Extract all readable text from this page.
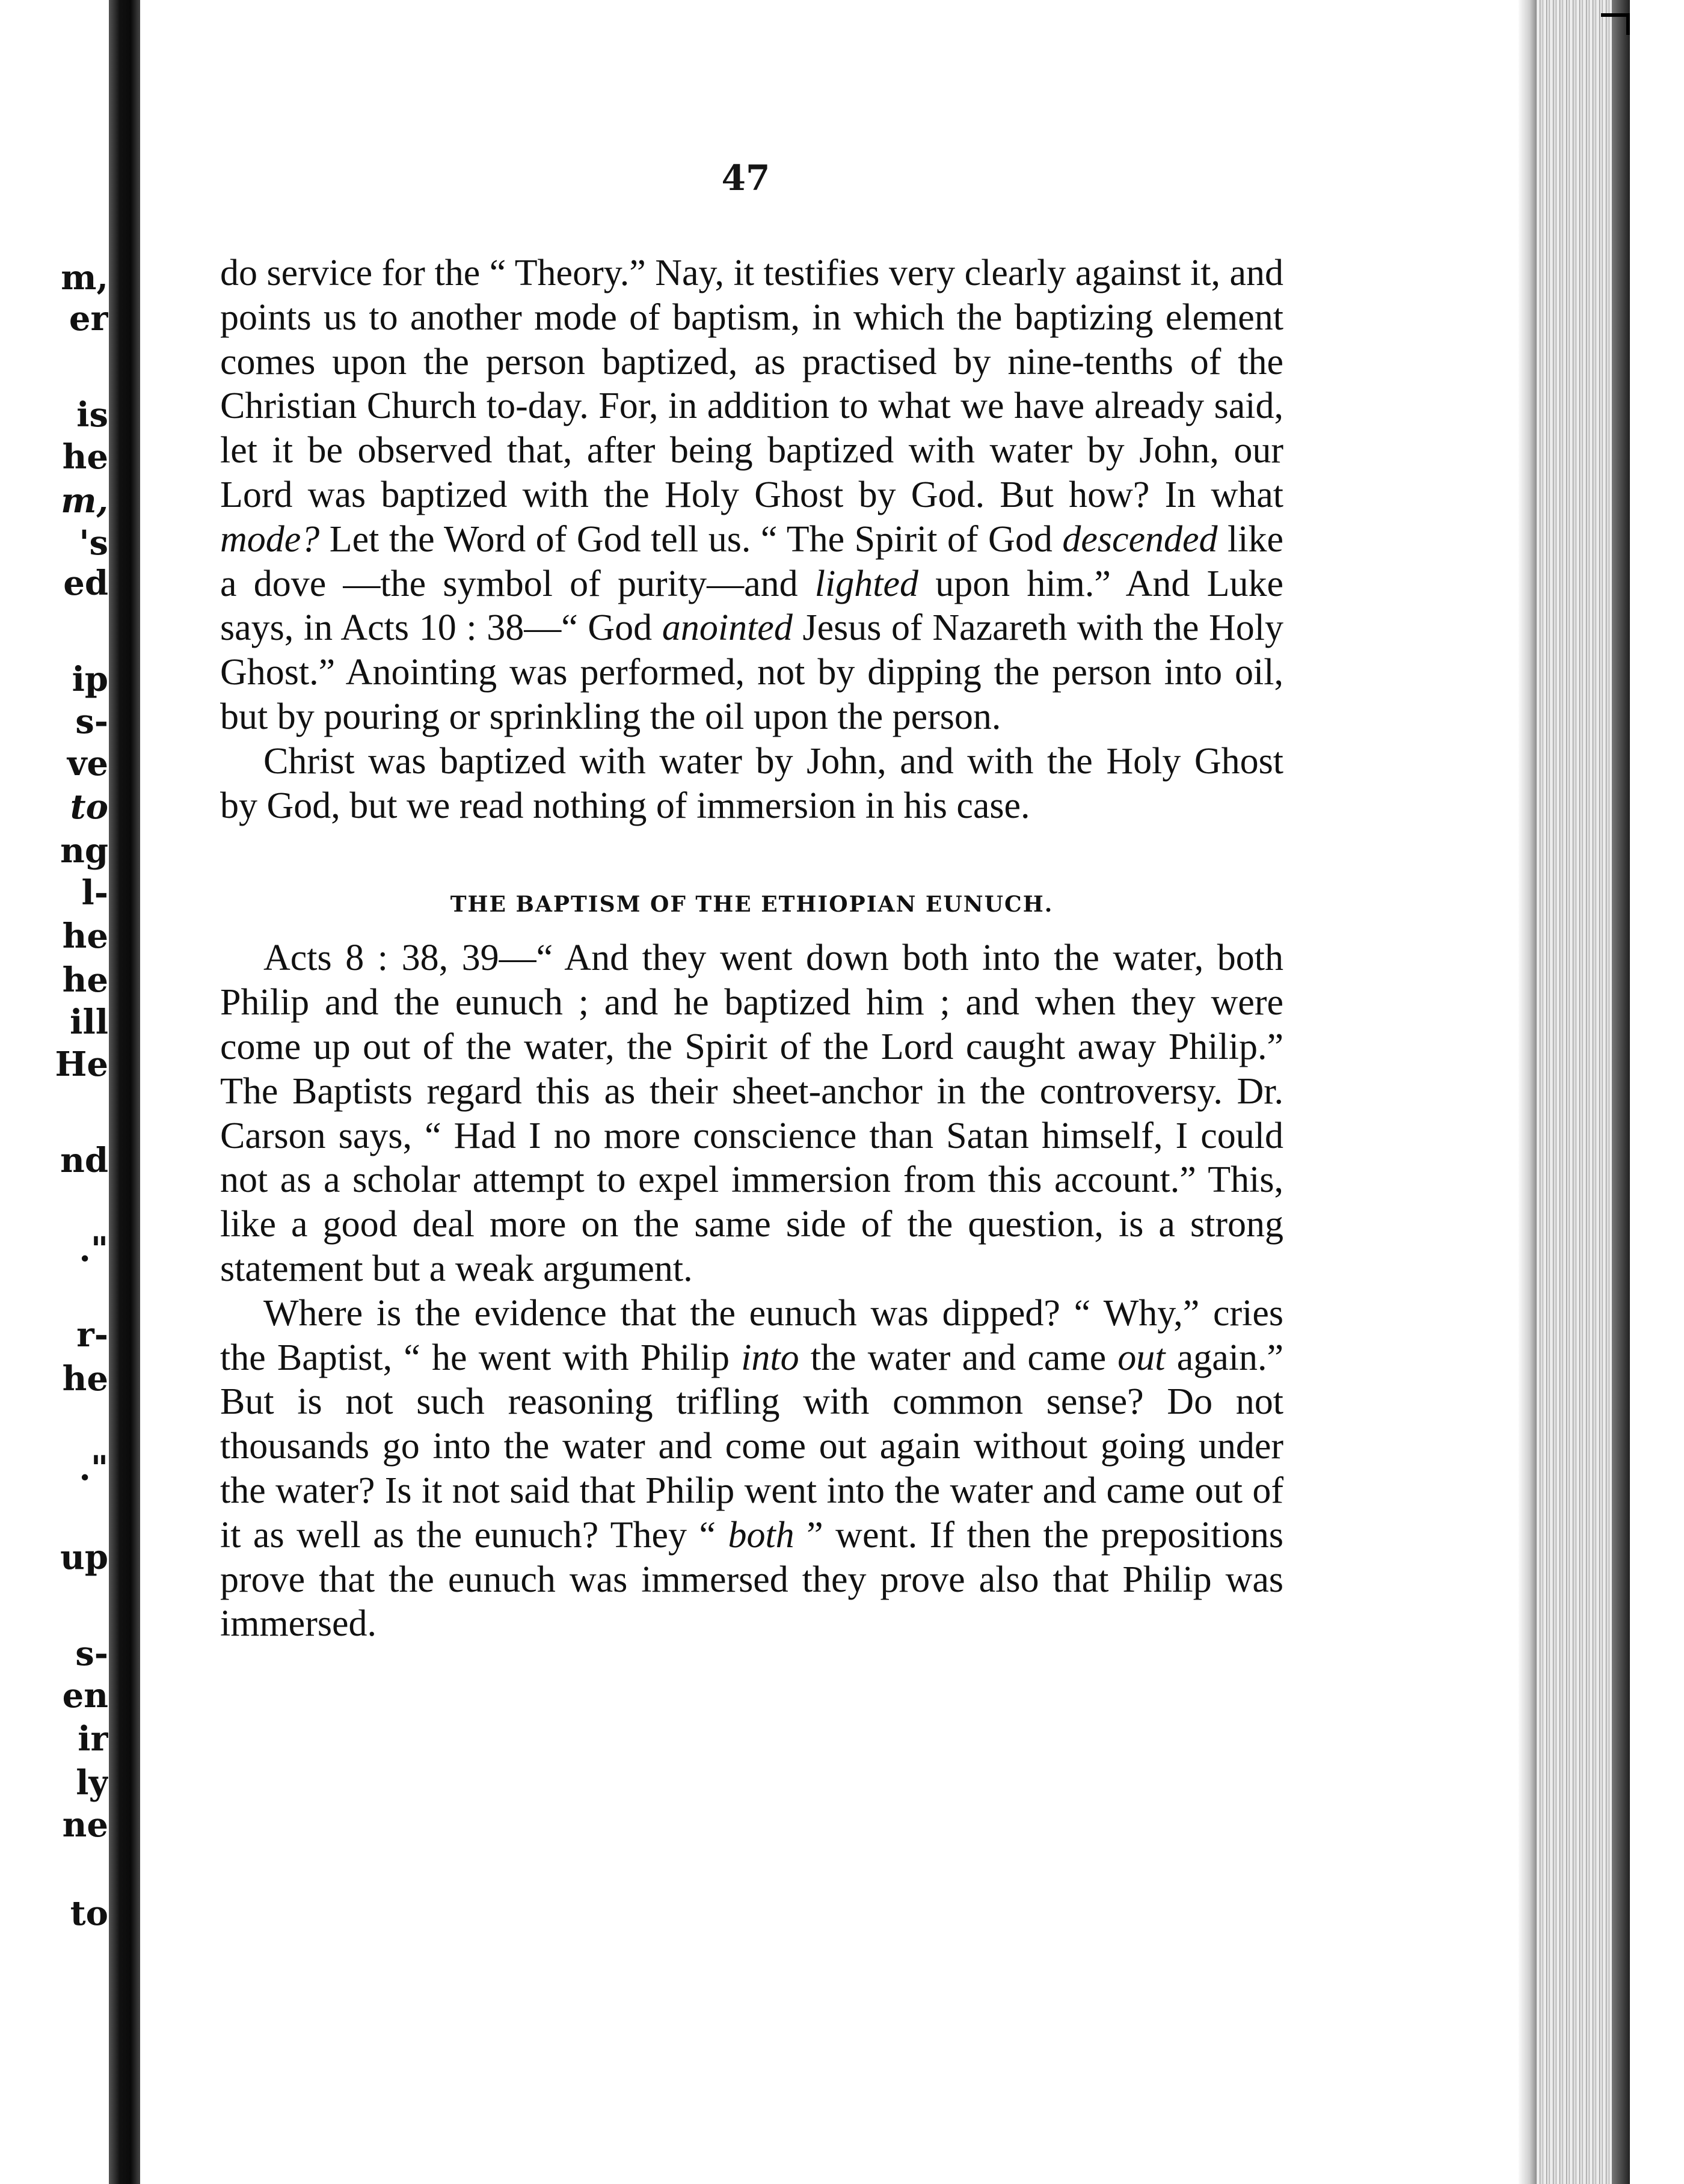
m,
er
is
he
m,
's
ed
ip
s-
ve
to
ng
l-
he
he
ill
He
nd
."
r-
he
."
up
s-
en
ir
ly
ne
to
47

do service for the “ Theory.” Nay, it testifies very clearly against it, and points us to another mode of baptism, in which the baptizing element comes upon the person baptized, as practised by nine-tenths of the Christian Church to-day. For, in addition to what we have already said, let it be observed that, after being baptized with water by John, our Lord was baptized with the Holy Ghost by God. But how? In what mode? Let the Word of God tell us. “ The Spirit of God descended like a dove —the symbol of purity—and lighted upon him.” And Luke says, in Acts 10 : 38—“ God anointed Jesus of Nazareth with the Holy Ghost.” Anointing was performed, not by dipping the person into oil, but by pouring or sprinkling the oil upon the person.

Christ was baptized with water by John, and with the Holy Ghost by God, but we read nothing of immersion in his case.

THE BAPTISM OF THE ETHIOPIAN EUNUCH.

Acts 8 : 38, 39—“ And they went down both into the water, both Philip and the eunuch ; and he baptized him ; and when they were come up out of the water, the Spirit of the Lord caught away Philip.” The Baptists regard this as their sheet-anchor in the controversy. Dr. Carson says, “ Had I no more conscience than Satan himself, I could not as a scholar attempt to expel immersion from this account.” This, like a good deal more on the same side of the question, is a strong statement but a weak argument.

Where is the evidence that the eunuch was dipped? “ Why,” cries the Baptist, “ he went with Philip into the water and came out again.” But is not such reasoning trifling with common sense? Do not thousands go into the water and come out again without going under the water? Is it not said that Philip went into the water and came out of it as well as the eunuch? They “ both ” went. If then the prepositions prove that the eunuch was immersed they prove also that Philip was immersed.
